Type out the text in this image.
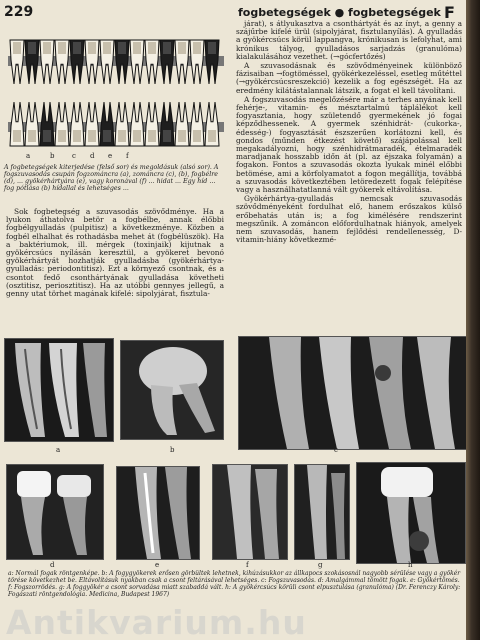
229	fogbetegségek ● fogbetegségek F
a	b	c d e f
A fogbetegségek kiterjedése (felső sor) és megoldásuk (alsó sor). A fogszuvasodás csupán fogzománcra (a), zománcra (c), (b), fogbélre (d), ... gyökérhártyára (e), vagy koronával (f) ... hidat ... Egy híd ... fog pótlása (b) hídallal és lehetséges ...

Sok fogbetegség a szuvasodás szövődménye. Ha a lyukon áthatolva betör a fogbélbe, annak élőbbi fogbélgyulladás (pulpitisz) a következménye. Közben a fogbél elhalhat és rothadásba mehet át (fogbélüszök). Ha a baktériumok, ill. mérgek (toxinjaik) kijutnak a gyökércsúcs nyílásán keresztül, a gyökeret bevonó gyökérhártyát hozhatják gyulladásba (gyökérhártya-gyulladás: periodontitisz). Ezt a környező csontnak, és a csontot fedő csonthártyának gyulladása követheti (osztitisz, periosztitisz). Ha az utóbbi gennyes jellegű, a genny utat törhet magának kifelé: sipolyjárat, fisztula-

járat), s átlyukasztva a csonthártyát és az ínyt, a genny a szájűrbe kifelé ürül (sipolyjárat, fisztulanyílás). A gyulladás a gyökércsúcs körül lappangva, krónikusan is lefolyhat, ami krónikus tályog, gyulladásos sarjadzás (granulóma) kialakulásához vezethet. (→gócfertőzés)

A szuvasodásnak és szövődményeinek különböző fázisaiban →fogtöméssel, gyökérkezeléssel, esetleg műtéttel (→gyökércsúcsreszekció) kezelik a fog egészségét. Ha az eredmény kilátástalannak látszik, a fogat el kell távolítani.

A fogszuvasodás megelőzésére már a terhes anyának kell fehérje-, vitamin- és mésztartalmú táplálékot kell fogyasztania, hogy születendő gyermekének jó fogai képződhessenek. A gyermek szénhidrát- (cukorka-, édesség-) fogyasztását észszerűen korlátozni kell, és gondos (műnden étkezést követő) szájápolással kell megakadályozni, hogy szénhidrátmaradék, ételmaradék maradjanak hosszabb időn át (pl. az éjszaka folyamán) a fogakon. Fontos a szuvasodás okozta lyukak minél előbbi betömése, ami a körfolyamatot a fogon megállítja, továbbá a szuvasodás következtében letöredezett fogak felépítése vagy a használhatatlanná vált gyökerek eltávolítása.

Gyökérhártya-gyulladás nemcsak szuvasodás szövődményeként fordulhat elő, hanem erőszakos külső erőbehatás után is; a fog kimélésére rendszerint megszűnik. A zománcon előfordulhatnak hiányok, amelyek nem szuvasodás, hanem fejlődési rendellenesség, D-vitamin-hiány következmé-

a	b	c
d	e	f	g	h
a: Normál fogak röntgenképe. b: A fogygyökerek erősen görbültek lehetnek, kihúzásukkor az állkapocs szokásosnál nagyobb sérülése vagy a gyökér törése következhet be. Eltávolításuk nyakban csak a csont feltárásával lehetséges. c: Fogszuvasodás. d: Amalgámmal tömött fogak. e: Gyökértömés. f: Fogszorrödés. g: A foggyökér a csont sorvadása miatt szabaddá vált. h: A gyökércsúcs körüli csont elpusztulása (granulóma) (Dr. Ferenczy Károly: Fogászati röntgendológia. Medicina, Budapest 1967)
Antikvarium.hu
